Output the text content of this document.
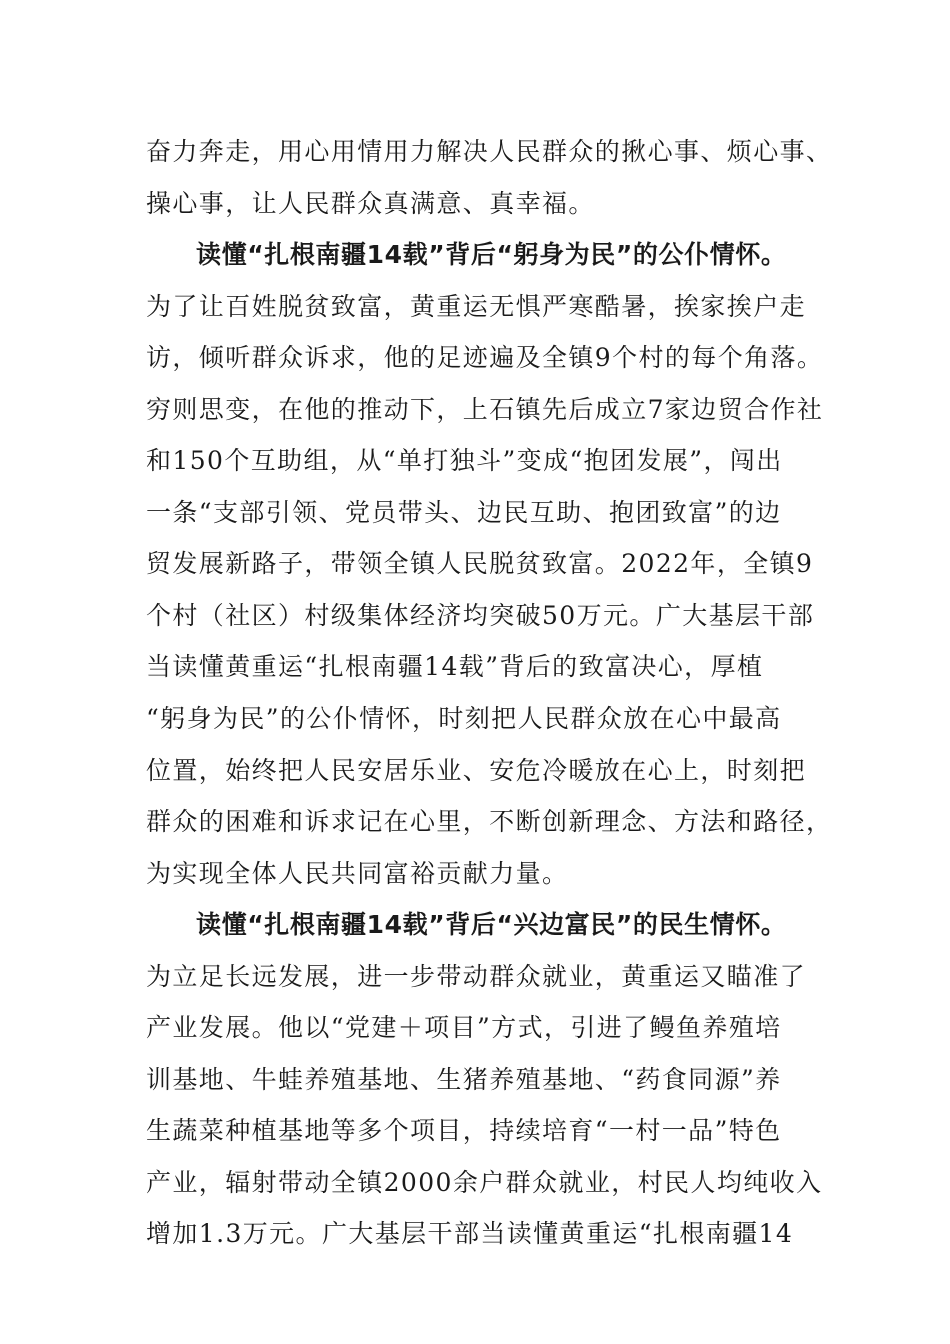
奋力奔走，用心用情用力解决人民群众的揪心事、烦心事、
操心事，让人民群众真满意、真幸福。
读懂“扎根南疆14载”背后“躬身为民”的公仆情怀。
为了让百姓脱贫致富，黄重运无惧严寒酷暑，挨家挨户走
访，倾听群众诉求，他的足迹遍及全镇9个村的每个角落。
穷则思变，在他的推动下，上石镇先后成立7家边贸合作社
和150个互助组，从“单打独斗”变成“抱团发展”，闯出
一条“支部引领、党员带头、边民互助、抱团致富”的边
贸发展新路子，带领全镇人民脱贫致富。2022年，全镇9
个村（社区）村级集体经济均突破50万元。广大基层干部
当读懂黄重运“扎根南疆14载”背后的致富决心，厚植
“躬身为民”的公仆情怀，时刻把人民群众放在心中最高
位置，始终把人民安居乐业、安危冷暖放在心上，时刻把
群众的困难和诉求记在心里，不断创新理念、方法和路径，
为实现全体人民共同富裕贡献力量。
读懂“扎根南疆14载”背后“兴边富民”的民生情怀。
为立足长远发展，进一步带动群众就业，黄重运又瞄准了
产业发展。他以“党建＋项目”方式，引进了鳗鱼养殖培
训基地、牛蛙养殖基地、生猪养殖基地、“药食同源”养
生蔬菜种植基地等多个项目，持续培育“一村一品”特色
产业，辐射带动全镇2000余户群众就业，村民人均纯收入
增加1.3万元。广大基层干部当读懂黄重运“扎根南疆14
